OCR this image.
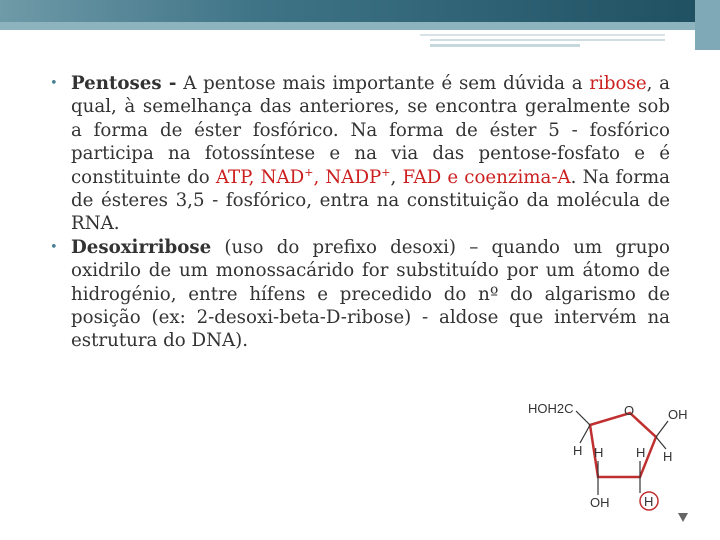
• Pentoses - A pentose mais importante é sem dúvida a ribose, a qual, à semelhança das anteriores, se encontra geralmente sob a forma de éster fosfórico. Na forma de éster 5 - fosfórico participa na fotossíntese e na via das pentose-fosfato e é constituinte do ATP, NAD+, NADP+, FAD e coenzima-A. Na forma de ésteres 3,5 - fosfórico, entra na constituição da molécula de RNA.
• Desoxirribose (uso do prefixo desoxi) – quando um grupo oxidrilo de um monossacárido for substituído por um átomo de hidrogénio, entre hífens e precedido do nº do algarismo de posição (ex: 2-desoxi-beta-D-ribose) - aldose que intervém na estrutura do DNA).
HOH2C	O	OH
H	H
H	H
OH	H
